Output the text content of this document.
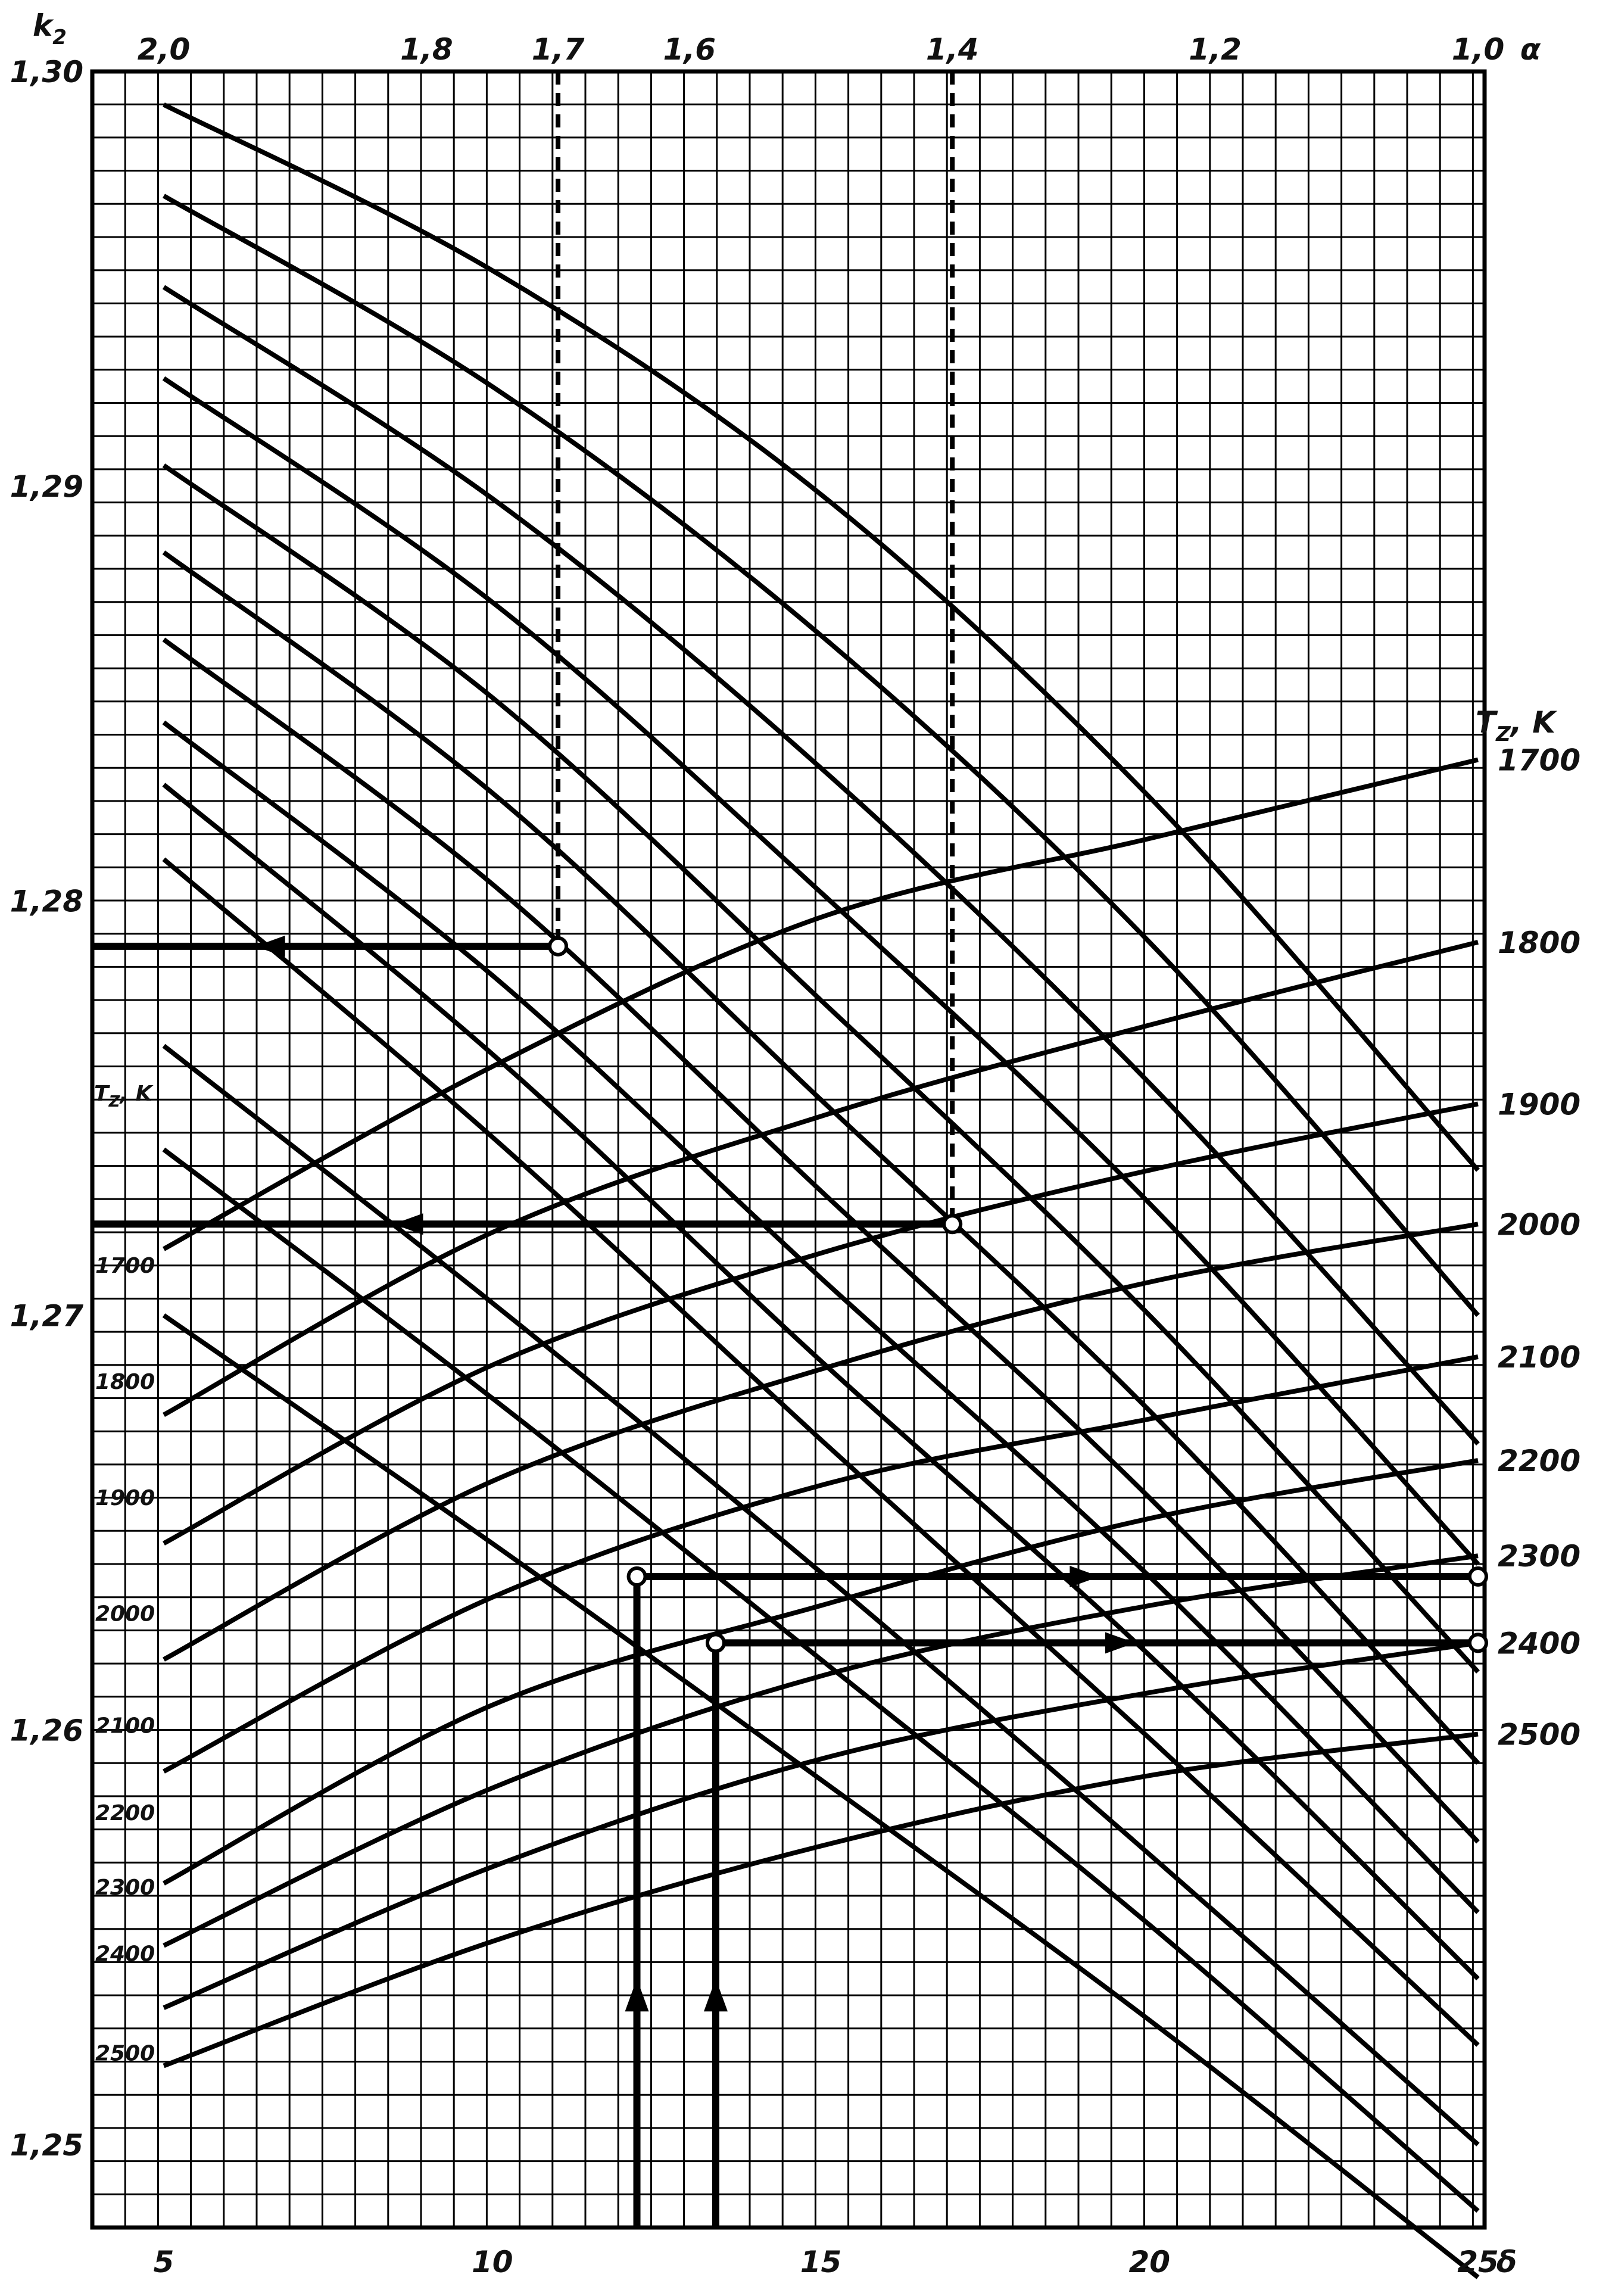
1,30
1,29
1,28
1,27
1,26
1,25
$k_2$ 2,0	1,8	1,7	1,6	1,4	1,2	1,0 α
5	10	15	20	25
δ
$T_Z$, K
1700
1800
1900
2000
2100
2200
2300
2400
2500
$T_Z$, K
1700
1800
1900
2000
2100
2200
2300
2400
2500
